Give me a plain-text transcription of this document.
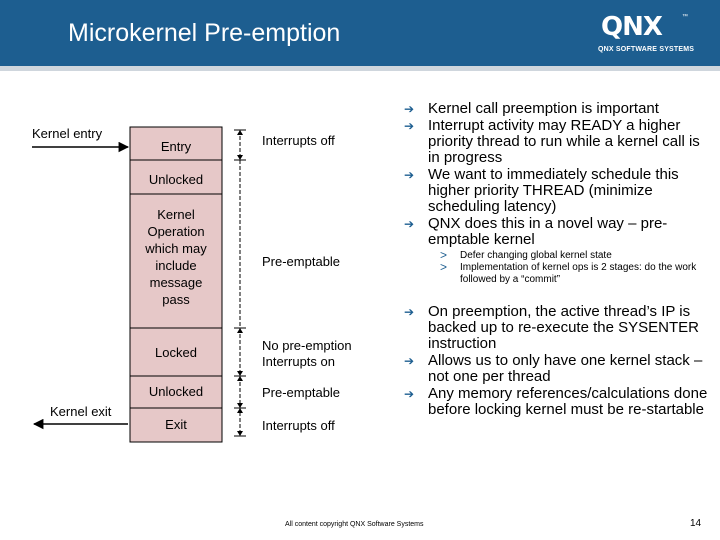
Microkernel Pre-emption	QNX	™
QNX SOFTWARE SYSTEMS
Kernel entry
Kernel exit
Entry
Unlocked
Kernel Operation which may include message pass
Locked
Unlocked
Exit
Interrupts off
Pre-emptable
No pre-emption Interrupts on
Pre-emptable
Interrupts off
➔ Kernel call preemption is important
➔ Interrupt activity may READY a higher priority thread to run while a kernel call is in progress
➔ We want to immediately schedule this higher priority THREAD (minimize scheduling latency)
➔ QNX does this in a novel way – pre-emptable kernel
> Defer changing global kernel state
> Implementation of kernel ops is 2 stages: do the work followed by a “commit”
➔ On preemption, the active thread’s IP is backed up to re-execute the SYSENTER instruction
➔ Allows us to only have one kernel stack – not one per thread
➔ Any memory references/calculations done before locking kernel must be re-startable
All content copyright QNX Software Systems	14
